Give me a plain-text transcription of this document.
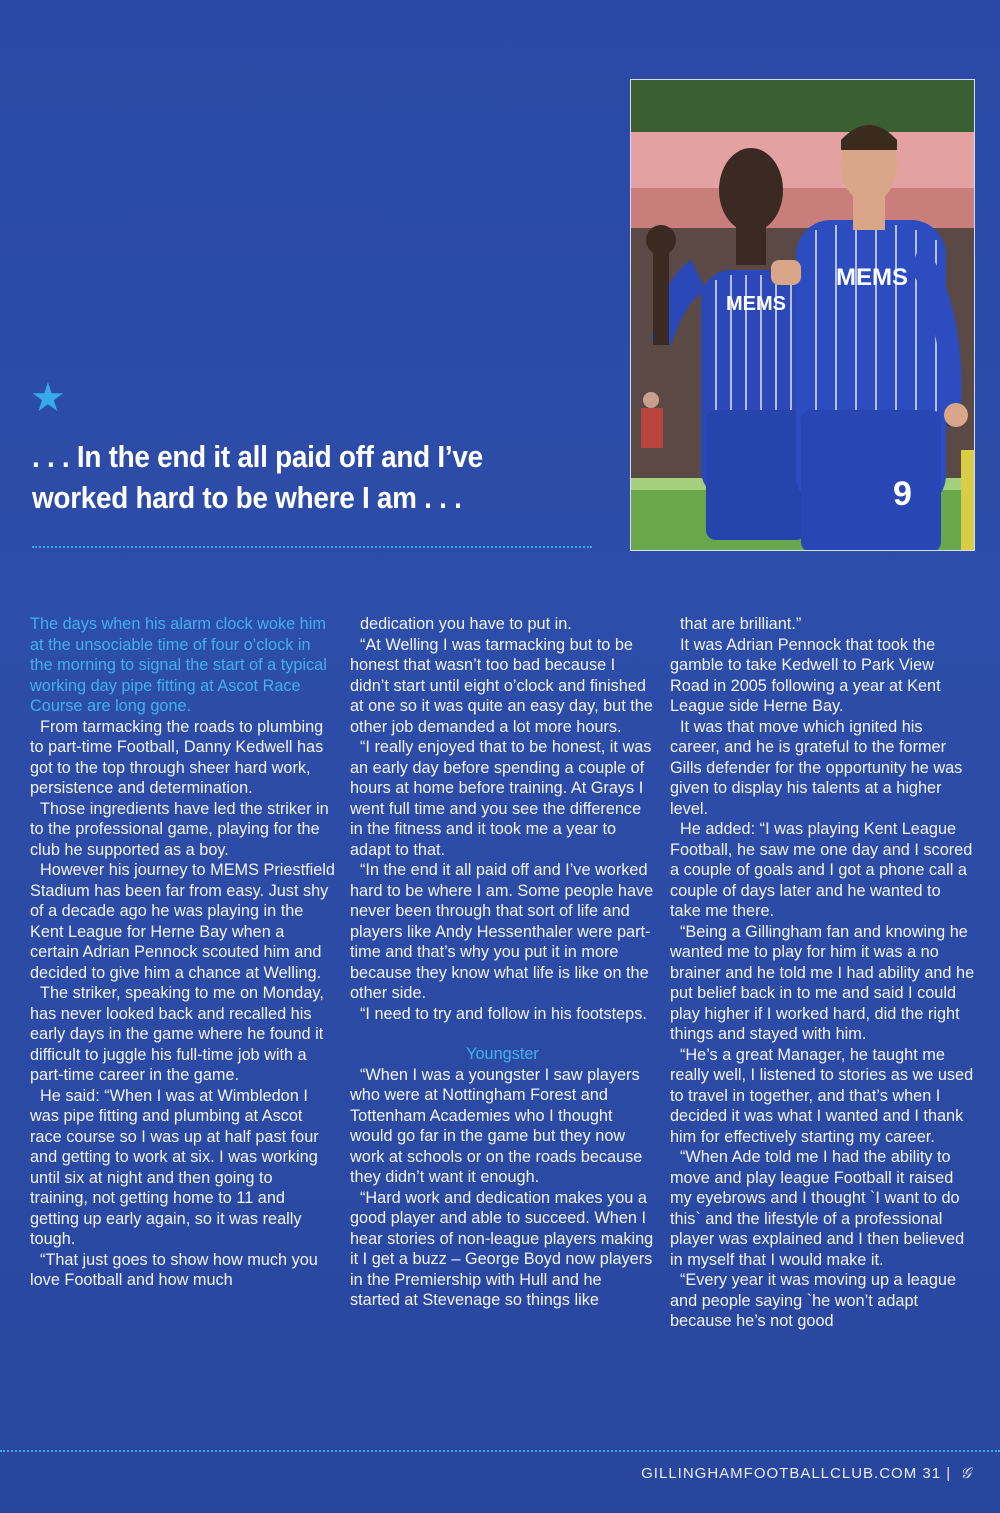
★
. . . In the end it all paid off and I’ve worked hard to be where I am . . .
MEMS
MEMS
9

The days when his alarm clock woke him at the unsociable time of four o’clock in the morning to signal the start of a typical working day pipe fitting at Ascot Race Course are long gone.

From tarmacking the roads to plumbing to part-time Football, Danny Kedwell has got to the top through sheer hard work, persistence and determination.

Those ingredients have led the striker in to the professional game, playing for the club he supported as a boy.

However his journey to MEMS Priestfield Stadium has been far from easy. Just shy of a decade ago he was playing in the Kent League for Herne Bay when a certain Adrian Pennock scouted him and decided to give him a chance at Welling.

The striker, speaking to me on Monday, has never looked back and recalled his early days in the game where he found it difficult to juggle his full-time job with a part-time career in the game.

He said: “When I was at Wimbledon I was pipe fitting and plumbing at Ascot race course so I was up at half past four and getting to work at six. I was working until six at night and then going to training, not getting home to 11 and getting up early again, so it was really tough.

“That just goes to show how much you love Football and how much

dedication you have to put in.

“At Welling I was tarmacking but to be honest that wasn’t too bad because I didn’t start until eight o’clock and finished at one so it was quite an easy day, but the other job demanded a lot more hours.

“I really enjoyed that to be honest, it was an early day before spending a couple of hours at home before training. At Grays I went full time and you see the difference in the fitness and it took me a year to adapt to that.

“In the end it all paid off and I’ve worked hard to be where I am. Some people have never been through that sort of life and players like Andy Hessenthaler were part-time and that’s why you put it in more because they know what life is like on the other side.

“I need to try and follow in his footsteps.

Youngster

“When I was a youngster I saw players who were at Nottingham Forest and Tottenham Academies who I thought would go far in the game but they now work at schools or on the roads because they didn’t want it enough.

“Hard work and dedication makes you a good player and able to succeed. When I hear stories of non-league players making it I get a buzz – George Boyd now players in the Premiership with Hull and he started at Stevenage so things like

that are brilliant.”

It was Adrian Pennock that took the gamble to take Kedwell to Park View Road in 2005 following a year at Kent League side Herne Bay.

It was that move which ignited his career, and he is grateful to the former Gills defender for the opportunity he was given to display his talents at a higher level.

He added: “I was playing Kent League Football, he saw me one day and I scored a couple of goals and I got a phone call a couple of days later and he wanted to take me there.

“Being a Gillingham fan and knowing he wanted me to play for him it was a no brainer and he told me I had ability and he put belief back in to me and said I could play higher if I worked hard, did the right things and stayed with him.

“He’s a great Manager, he taught me really well, I listened to stories as we used to travel in together, and that’s when I decided it was what I wanted and I thank him for effectively starting my career.

“When Ade told me I had the ability to move and play league Football it raised my eyebrows and I thought `I want to do this` and the lifestyle of a professional player was explained and I then believed in myself that I would make it.

“Every year it was moving up a league and people saying `he won’t adapt because he’s not good

GILLINGHAMFOOTBALLCLUB.COM 31 | 𝒢
